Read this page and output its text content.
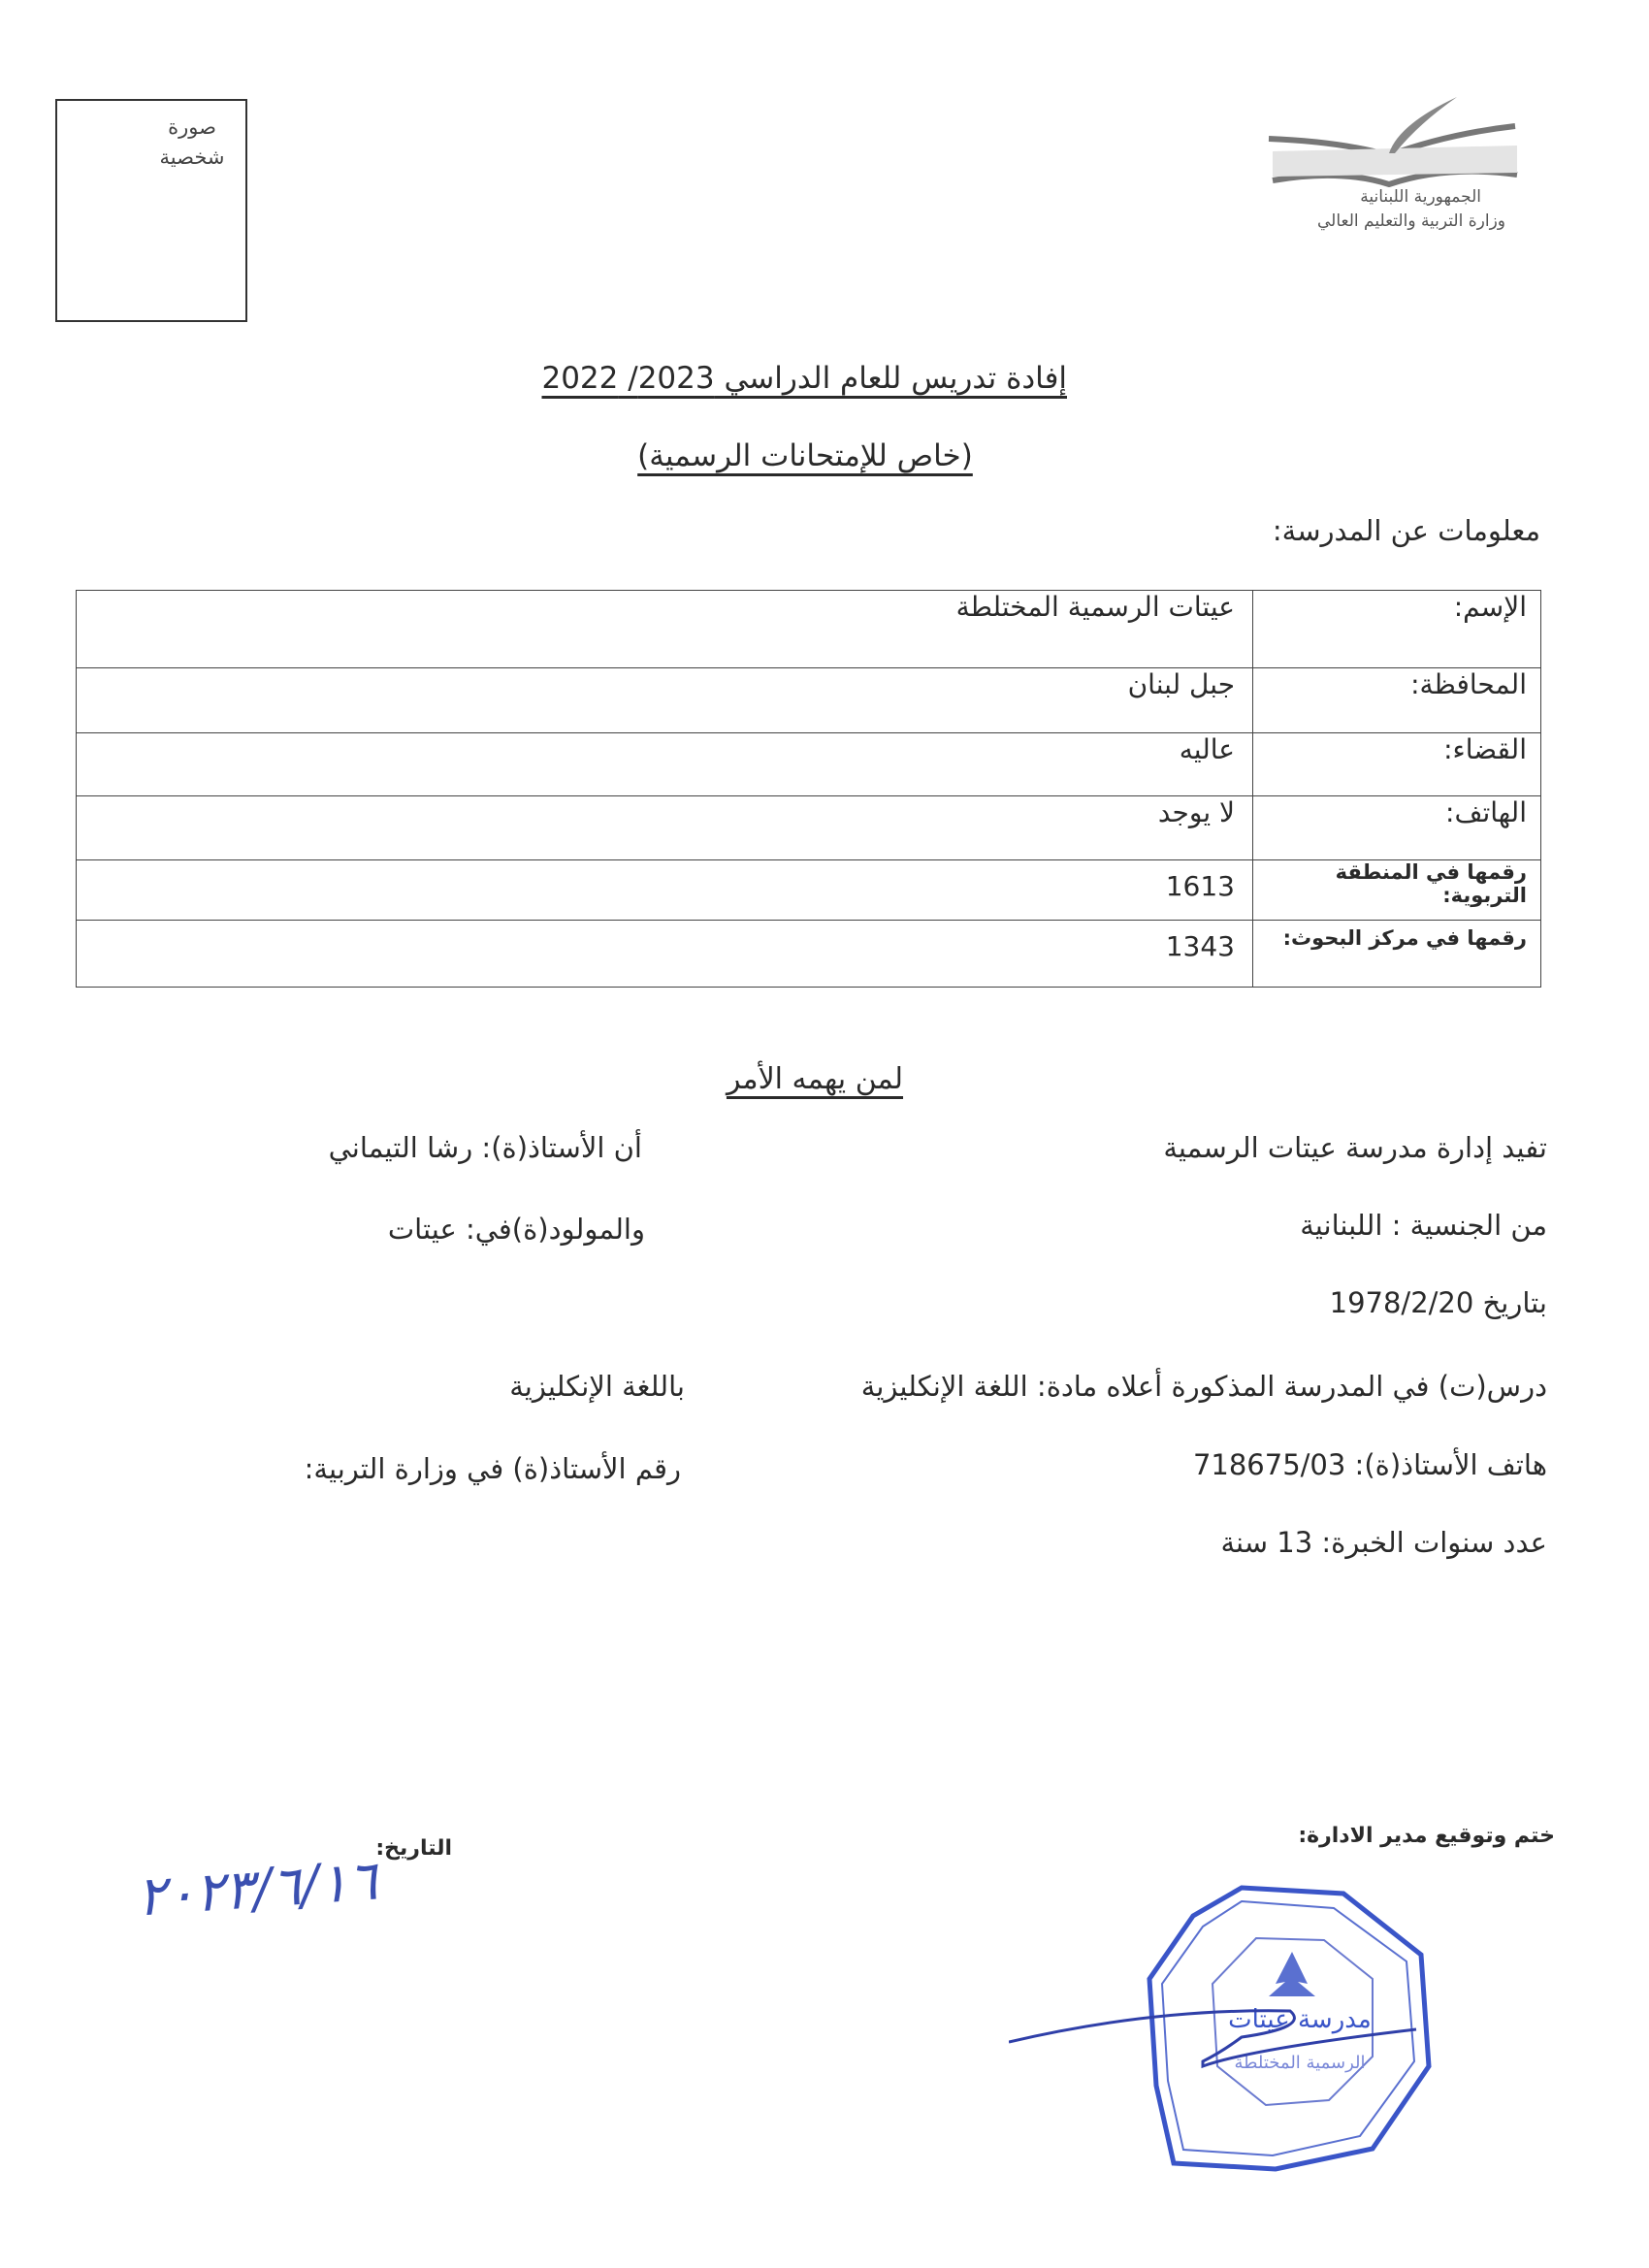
صورة شخصية
الجمهورية اللبنانية
وزارة التربية والتعليم العالي
إفادة تدريس للعام الدراسي 2023/ 2022
(خاص للإمتحانات الرسمية)
معلومات عن المدرسة:
عيتات الرسمية المختلطة	الإسم:
جبل لبنان	المحافظة:
عاليه	القضاء:
لا يوجد	الهاتف:
1613	رقمها في المنطقة التربوية:
1343	رقمها في مركز البحوث:
لمن يهمه الأمر
تفيد إدارة مدرسة عيتات الرسمية
أن الأستاذ(ة): رشا التيماني
من الجنسية : اللبنانية
والمولود(ة)في: عيتات
بتاريخ 1978/2/20
درس(ت) في المدرسة المذكورة أعلاه مادة: اللغة الإنكليزية
باللغة الإنكليزية
هاتف الأستاذ(ة): 718675/03
رقم الأستاذ(ة) في وزارة التربية:
عدد سنوات الخبرة: 13 سنة
ختم وتوقيع مدير الادارة:
التاريخ:
٢٠٢٣/٦/١٦
مدرسة عيتات
الرسمية المختلطة
